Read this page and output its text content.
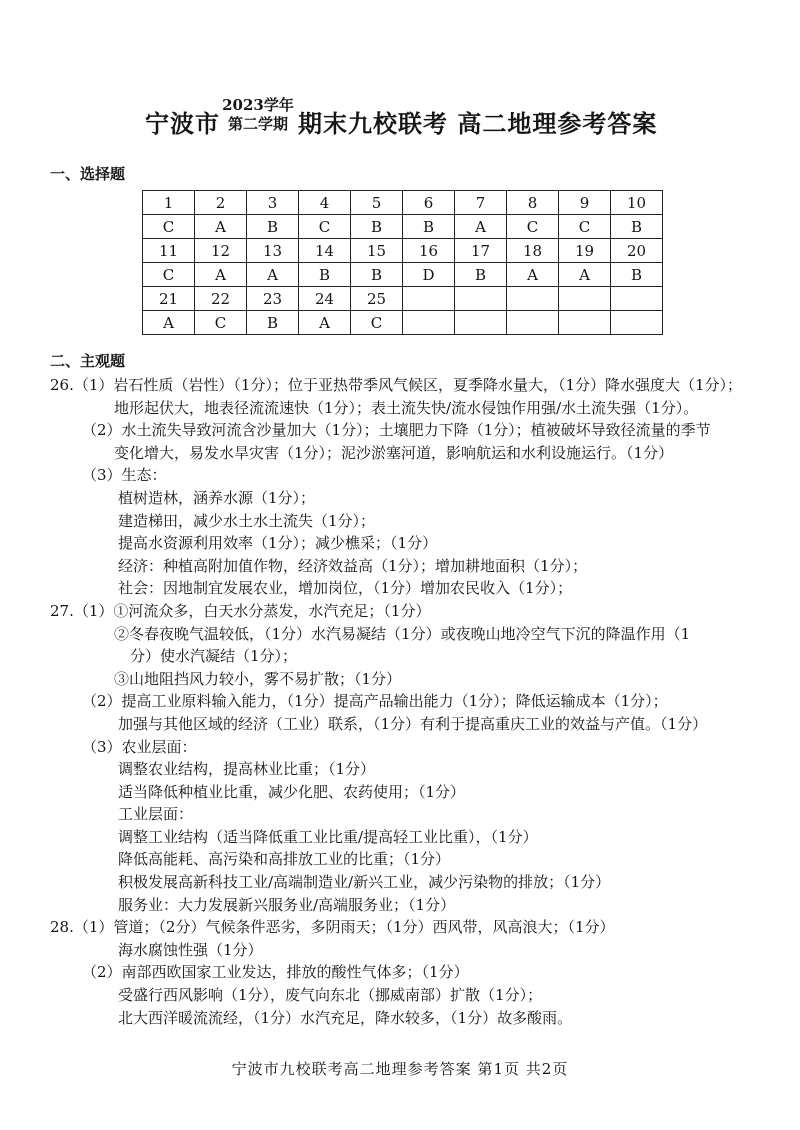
宁波市
2023学年
第二学期 期末九校联考 高二地理参考答案
一、选择题
1	2	3	4	5	6	7	8	9	10
C	A	B	C	B	B	A	C	C	B
11	12	13	14	15	16	17	18	19	20
C	A	A	B	B	D	B	A	A	B
21	22	23	24	25					
A	C	B	A	C					
二、主观题
26.（1）岩石性质（岩性）（1分）；位于亚热带季风气候区，夏季降水量大，（1分）降水强度大（1分）；
地形起伏大，地表径流流速快（1分）；表土流失快/流水侵蚀作用强/水土流失强（1分）。
（2）水土流失导致河流含沙量加大（1分）；土壤肥力下降（1分）；植被破坏导致径流量的季节
变化增大，易发水旱灾害（1分）；泥沙淤塞河道，影响航运和水利设施运行。（1分）
（3）生态：
植树造林，涵养水源（1分）；
建造梯田，减少水土水土流失（1分）；
提高水资源利用效率（1分）；减少樵采；（1分）
经济：种植高附加值作物，经济效益高（1分）；增加耕地面积（1分）；
社会：因地制宜发展农业，增加岗位，（1分）增加农民收入（1分）；
27.（1）①河流众多，白天水分蒸发，水汽充足；（1分）
②冬春夜晚气温较低，（1分）水汽易凝结（1分）或夜晚山地冷空气下沉的降温作用（1
分）使水汽凝结（1分）；
③山地阻挡风力较小，雾不易扩散；（1分）
（2）提高工业原料输入能力，（1分）提高产品输出能力（1分）；降低运输成本（1分）；
加强与其他区域的经济（工业）联系，（1分）有利于提高重庆工业的效益与产值。（1分）
（3）农业层面：
调整农业结构，提高林业比重；（1分）
适当降低种植业比重，减少化肥、农药使用；（1分）
工业层面：
调整工业结构（适当降低重工业比重/提高轻工业比重），（1分）
降低高能耗、高污染和高排放工业的比重；（1分）
积极发展高新科技工业/高端制造业/新兴工业，减少污染物的排放；（1分）
服务业：大力发展新兴服务业/高端服务业；（1分）
28.（1）管道；（2分）气候条件恶劣，多阴雨天；（1分）西风带，风高浪大；（1分）
海水腐蚀性强（1分）
（2）南部西欧国家工业发达，排放的酸性气体多；（1分）
受盛行西风影响（1分），废气向东北（挪威南部）扩散（1分）；
北大西洋暖流流经，（1分）水汽充足，降水较多，（1分）故多酸雨。
宁波市九校联考高二地理参考答案 第1页 共2页
